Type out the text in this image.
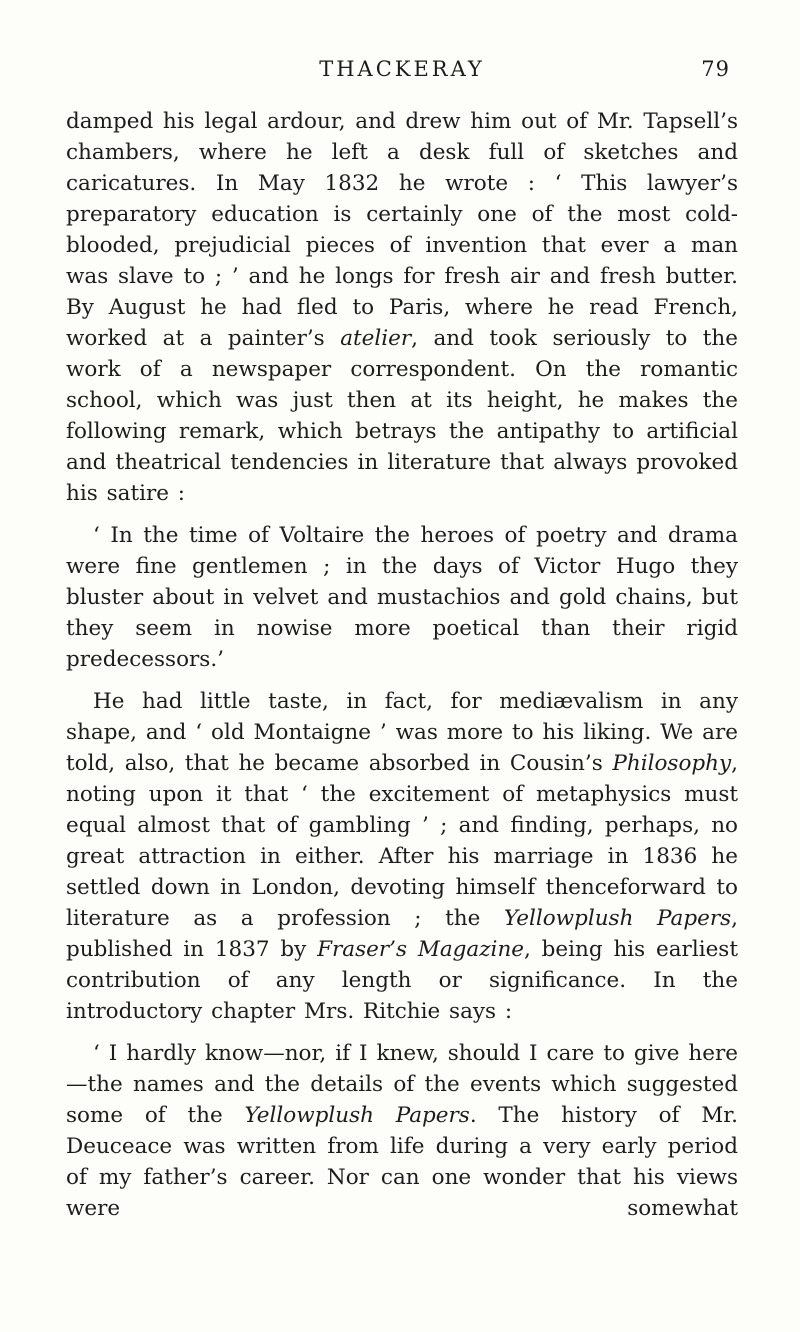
THACKERAY	79

damped his legal ardour, and drew him out of Mr. Tapsell’s chambers, where he left a desk full of sketches and caricatures. In May 1832 he wrote : ‘ This lawyer’s preparatory education is certainly one of the most cold-blooded, prejudicial pieces of invention that ever a man was slave to ; ’ and he longs for fresh air and fresh butter. By August he had fled to Paris, where he read French, worked at a painter’s atelier, and took seriously to the work of a newspaper correspondent. On the romantic school, which was just then at its height, he makes the following remark, which betrays the antipathy to artificial and theatrical tendencies in literature that always provoked his satire :

‘ In the time of Voltaire the heroes of poetry and drama were fine gentlemen ; in the days of Victor Hugo they bluster about in velvet and mustachios and gold chains, but they seem in nowise more poetical than their rigid predecessors.’

He had little taste, in fact, for mediævalism in any shape, and ‘ old Montaigne ’ was more to his liking. We are told, also, that he became absorbed in Cousin’s Philosophy, noting upon it that ‘ the excitement of metaphysics must equal almost that of gambling ’ ; and finding, perhaps, no great attraction in either. After his marriage in 1836 he settled down in London, devoting himself thenceforward to literature as a profession ; the Yellowplush Papers, published in 1837 by Fraser’s Magazine, being his earliest contribution of any length or significance. In the introductory chapter Mrs. Ritchie says :

‘ I hardly know—nor, if I knew, should I care to give here—the names and the details of the events which suggested some of the Yellowplush Papers. The history of Mr. Deuceace was written from life during a very early period of my father’s career. Nor can one wonder that his views were somewhat
